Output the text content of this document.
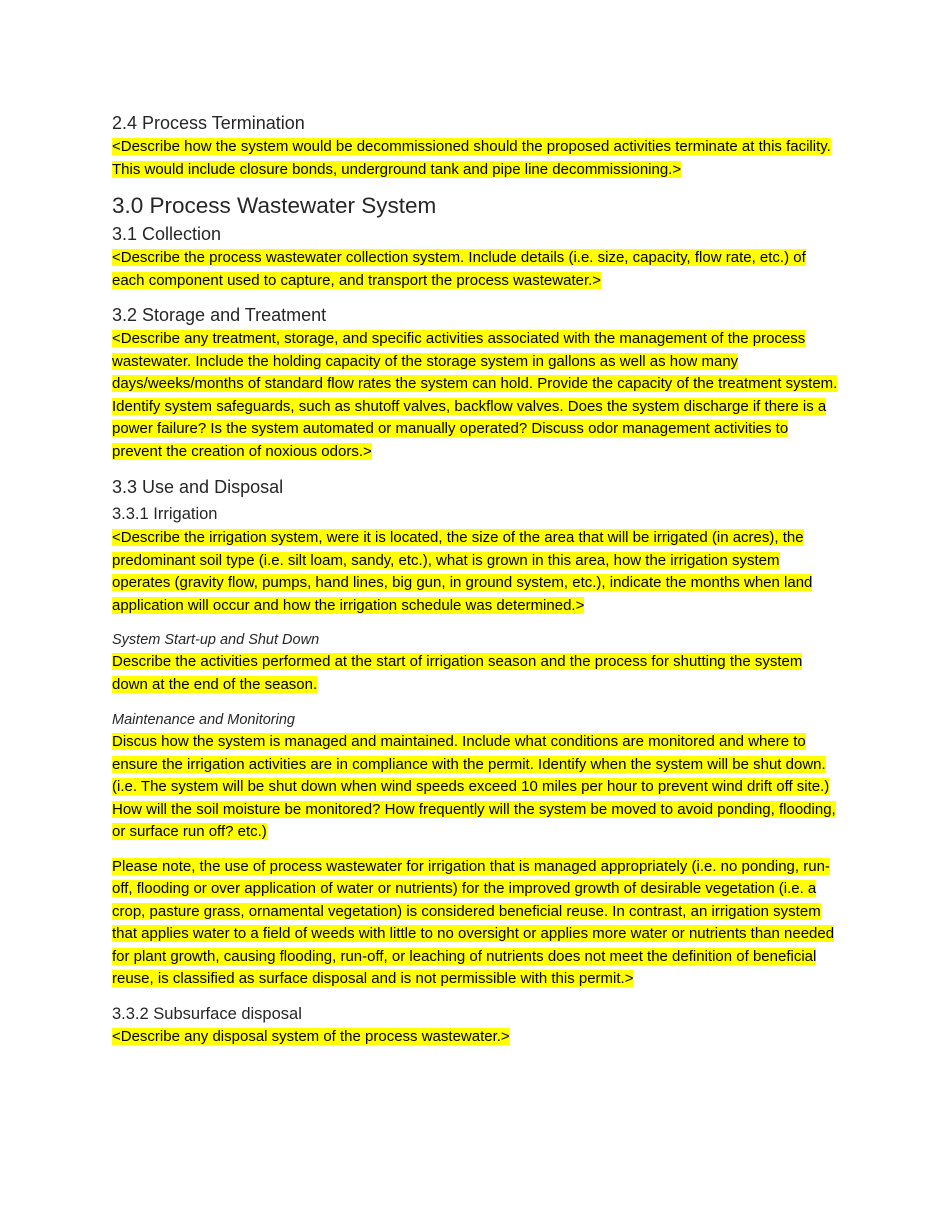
2.4 Process Termination

<Describe how the system would be decommissioned should the proposed activities terminate at this facility. This would include closure bonds, underground tank and pipe line decommissioning.>

3.0 Process Wastewater System
3.1 Collection

<Describe the process wastewater collection system. Include details (i.e. size, capacity, flow rate, etc.) of each component used to capture, and transport the process wastewater.>

3.2 Storage and Treatment

<Describe any treatment, storage, and specific activities associated with the management of the process wastewater. Include the holding capacity of the storage system in gallons as well as how many days/weeks/months of standard flow rates the system can hold. Provide the capacity of the treatment system. Identify system safeguards, such as shutoff valves, backflow valves. Does the system discharge if there is a power failure? Is the system automated or manually operated? Discuss odor management activities to prevent the creation of noxious odors.>

3.3 Use and Disposal
3.3.1 Irrigation

<Describe the irrigation system, were it is located, the size of the area that will be irrigated (in acres), the predominant soil type (i.e. silt loam, sandy, etc.), what is grown in this area, how the irrigation system operates (gravity flow, pumps, hand lines, big gun, in ground system, etc.), indicate the months when land application will occur and how the irrigation schedule was determined.>

System Start-up and Shut Down

Describe the activities performed at the start of irrigation season and the process for shutting the system down at the end of the season.

Maintenance and Monitoring

Discus how the system is managed and maintained. Include what conditions are monitored and where to ensure the irrigation activities are in compliance with the permit. Identify when the system will be shut down. (i.e. The system will be shut down when wind speeds exceed 10 miles per hour to prevent wind drift off site.) How will the soil moisture be monitored? How frequently will the system be moved to avoid ponding, flooding, or surface run off? etc.)

Please note, the use of process wastewater for irrigation that is managed appropriately (i.e. no ponding, run-off, flooding or over application of water or nutrients) for the improved growth of desirable vegetation (i.e. a crop, pasture grass, ornamental vegetation) is considered beneficial reuse. In contrast, an irrigation system that applies water to a field of weeds with little to no oversight or applies more water or nutrients than needed for plant growth, causing flooding, run-off, or leaching of nutrients does not meet the definition of beneficial reuse, is classified as surface disposal and is not permissible with this permit.>

3.3.2 Subsurface disposal

<Describe any disposal system of the process wastewater.>
